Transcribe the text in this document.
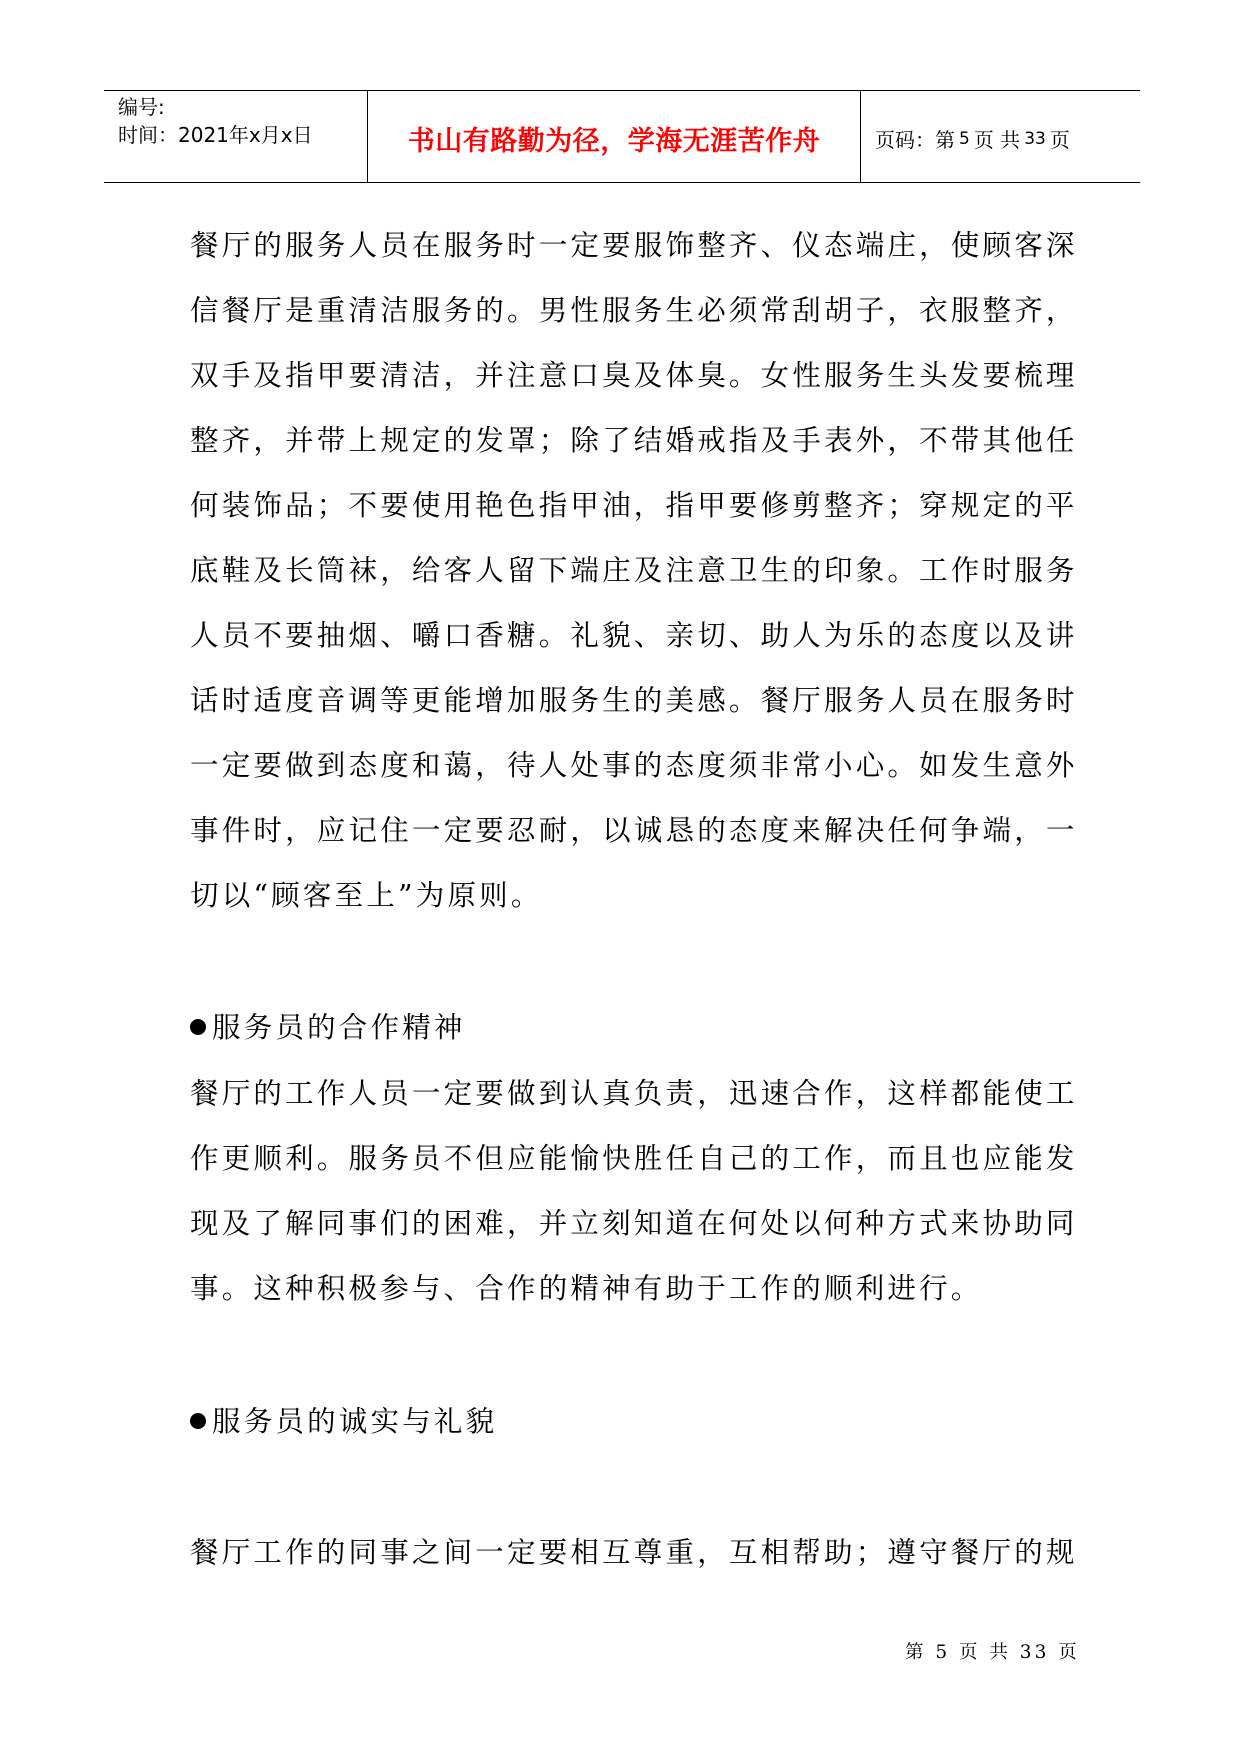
编号:
时间：2021年x月x日	书山有路勤为径，学海无涯苦作舟	页码：第 5 页 共 33 页
餐厅的服务人员在服务时一定要服饰整齐、仪态端庄，使顾客深
信餐厅是重清洁服务的。男性服务生必须常刮胡子，衣服整齐，
双手及指甲要清洁，并注意口臭及体臭。女性服务生头发要梳理
整齐，并带上规定的发罩；除了结婚戒指及手表外，不带其他任
何装饰品；不要使用艳色指甲油，指甲要修剪整齐；穿规定的平
底鞋及长筒袜，给客人留下端庄及注意卫生的印象。工作时服务
人员不要抽烟、嚼口香糖。礼貌、亲切、助人为乐的态度以及讲
话时适度音调等更能增加服务生的美感。餐厅服务人员在服务时
一定要做到态度和蔼，待人处事的态度须非常小心。如发生意外
事件时，应记住一定要忍耐，以诚恳的态度来解决任何争端，一
切以“顾客至上”为原则。
服务员的合作精神
餐厅的工作人员一定要做到认真负责，迅速合作，这样都能使工
作更顺利。服务员不但应能愉快胜任自己的工作，而且也应能发
现及了解同事们的困难，并立刻知道在何处以何种方式来协助同
事。这种积极参与、合作的精神有助于工作的顺利进行。
服务员的诚实与礼貌
餐厅工作的同事之间一定要相互尊重，互相帮助；遵守餐厅的规
第 5 页 共 33 页
